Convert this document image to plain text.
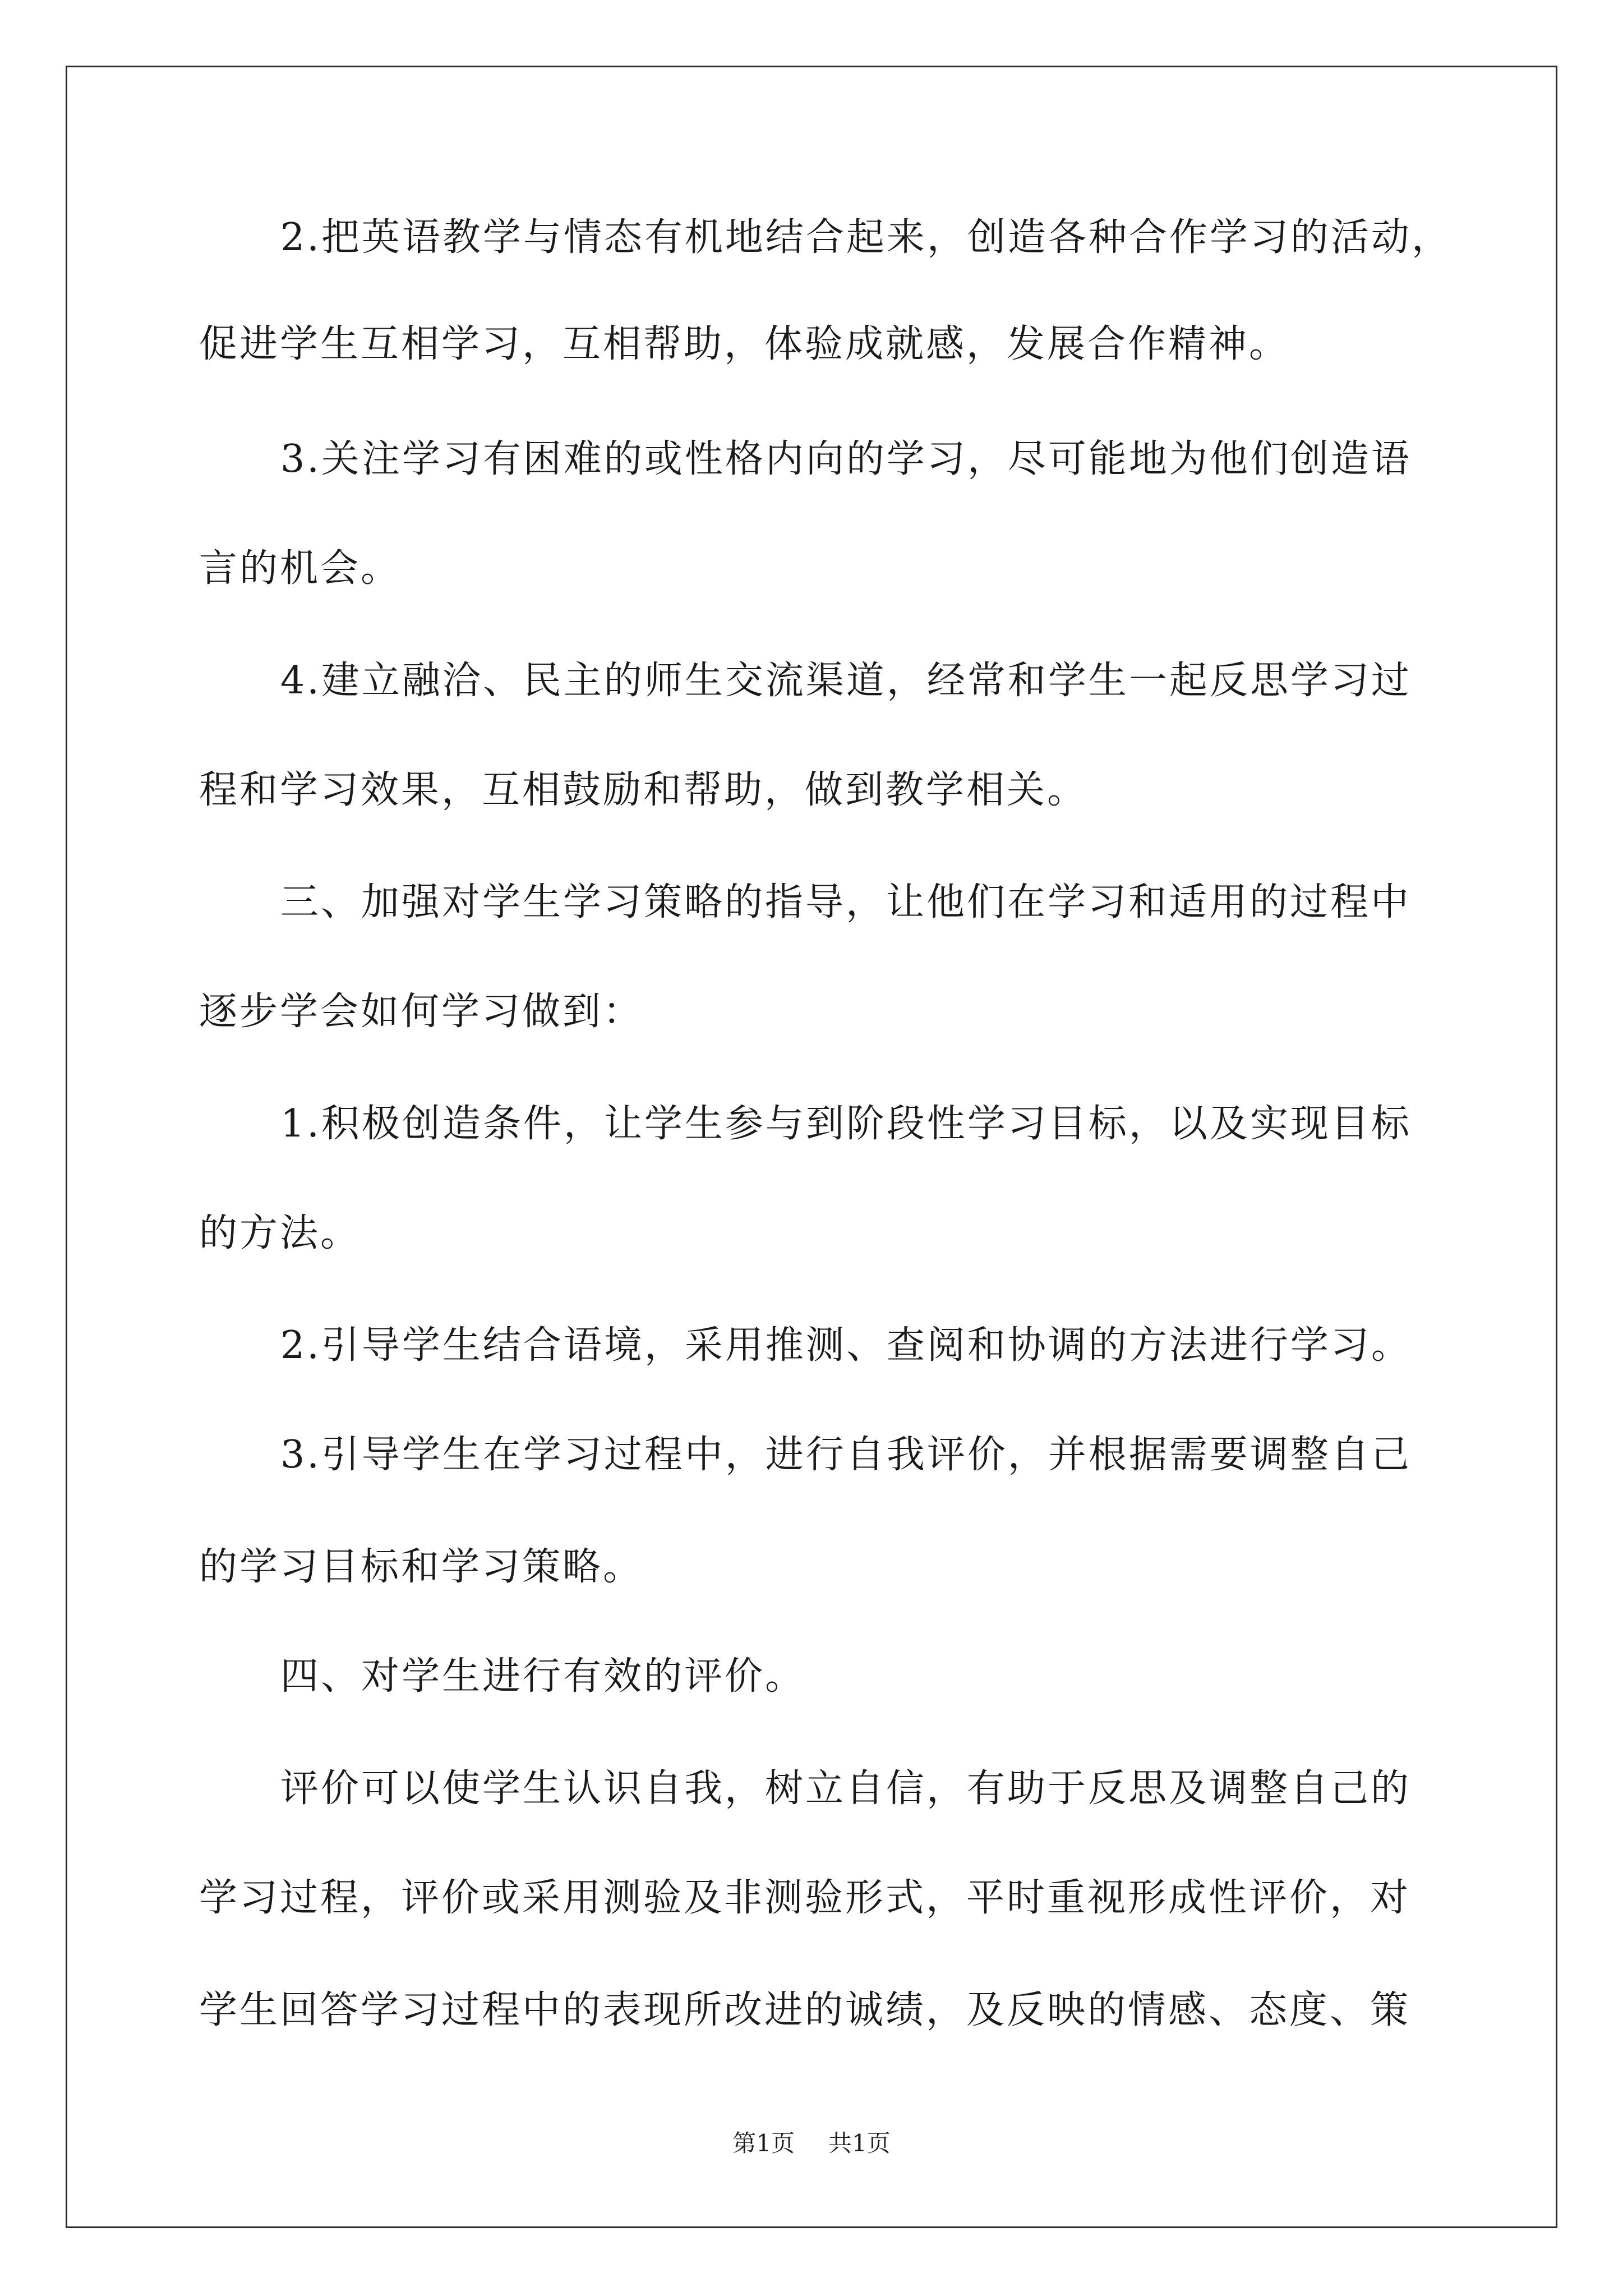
2.把英语教学与情态有机地结合起来，创造各种合作学习的活动，
促进学生互相学习，互相帮助，体验成就感，发展合作精神。
3.关注学习有困难的或性格内向的学习，尽可能地为他们创造语
言的机会。
4.建立融洽、民主的师生交流渠道，经常和学生一起反思学习过
程和学习效果，互相鼓励和帮助，做到教学相关。
三、加强对学生学习策略的指导，让他们在学习和适用的过程中
逐步学会如何学习做到：
1.积极创造条件，让学生参与到阶段性学习目标，以及实现目标
的方法。
2.引导学生结合语境，采用推测、查阅和协调的方法进行学习。
3.引导学生在学习过程中，进行自我评价，并根据需要调整自己
的学习目标和学习策略。
四、对学生进行有效的评价。
评价可以使学生认识自我，树立自信，有助于反思及调整自己的
学习过程，评价或采用测验及非测验形式，平时重视形成性评价，对
学生回答学习过程中的表现所改进的诚绩，及反映的情感、态度、策
第1页 共1页
